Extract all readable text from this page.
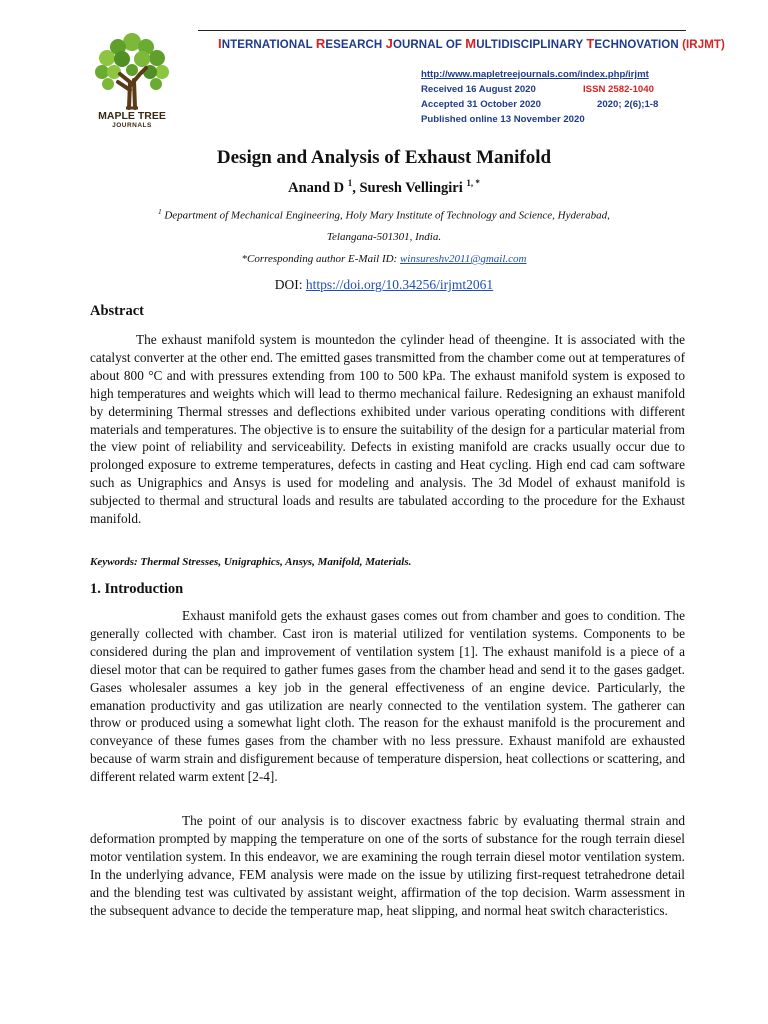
MAPLE TREE
JOURNALS
INTERNATIONAL RESEARCH JOURNAL OF MULTIDISCIPLINARY TECHNOVATION (IRJMT)
http://www.mapletreejournals.com/index.php/irjmt
Received 16 August 2020	ISSN 2582-1040
Accepted 31 October 2020	2020; 2(6);1-8
Published online 13 November 2020
Design and Analysis of Exhaust Manifold
Anand D $^1$, Suresh Vellingiri $^{1, *}$
$^1$ Department of Mechanical Engineering, Holy Mary Institute of Technology and Science, Hyderabad,
Telangana-501301, India.
*Corresponding author E-Mail ID: winsureshv2011@gmail.com
DOI: https://doi.org/10.34256/irjmt2061
Abstract
The exhaust manifold system is mountedon the cylinder head of theengine. It is associated with the catalyst converter at the other end. The emitted gases transmitted from the chamber come out at temperatures of about 800 °C and with pressures extending from 100 to 500 kPa. The exhaust manifold system is exposed to high temperatures and weights which will lead to thermo mechanical failure. Redesigning an exhaust manifold by determining Thermal stresses and deflections exhibited under various operating conditions with different materials and temperatures. The objective is to ensure the suitability of the design for a particular material from the view point of reliability and serviceability. Defects in existing manifold are cracks usually occur due to prolonged exposure to extreme temperatures, defects in casting and Heat cycling. High end cad cam software such as Unigraphics and Ansys is used for modeling and analysis. The 3d Model of exhaust manifold is subjected to thermal and structural loads and results are tabulated according to the procedure for the Exhaust manifold.
Keywords: Thermal Stresses, Unigraphics, Ansys, Manifold, Materials.
1. Introduction
Exhaust manifold gets the exhaust gases comes out from chamber and goes to condition. The generally collected with chamber. Cast iron is material utilized for ventilation systems. Components to be considered during the plan and improvement of ventilation system [1]. The exhaust manifold is a piece of a diesel motor that can be required to gather fumes gases from the chamber head and send it to the gases gadget. Gases wholesaler assumes a key job in the general effectiveness of an engine device. Particularly, the emanation productivity and gas utilization are nearly connected to the ventilation system. The gatherer can throw or produced using a somewhat light cloth. The reason for the exhaust manifold is the procurement and conveyance of these fumes gases from the chamber with no less pressure. Exhaust manifold are exhausted because of warm strain and disfigurement because of temperature dispersion, heat collections or scattering, and different related warm extent [2-4].
The point of our analysis is to discover exactness fabric by evaluating thermal strain and deformation prompted by mapping the temperature on one of the sorts of substance for the rough terrain diesel motor ventilation system. In this endeavor, we are examining the rough terrain diesel motor ventilation system. In the underlying advance, FEM analysis were made on the issue by utilizing first-request tetrahedrone detail and the blending test was cultivated by assistant weight, affirmation of the top decision. Warm assessment in the subsequent advance to decide the temperature map, heat slipping, and normal heat switch characteristics.
